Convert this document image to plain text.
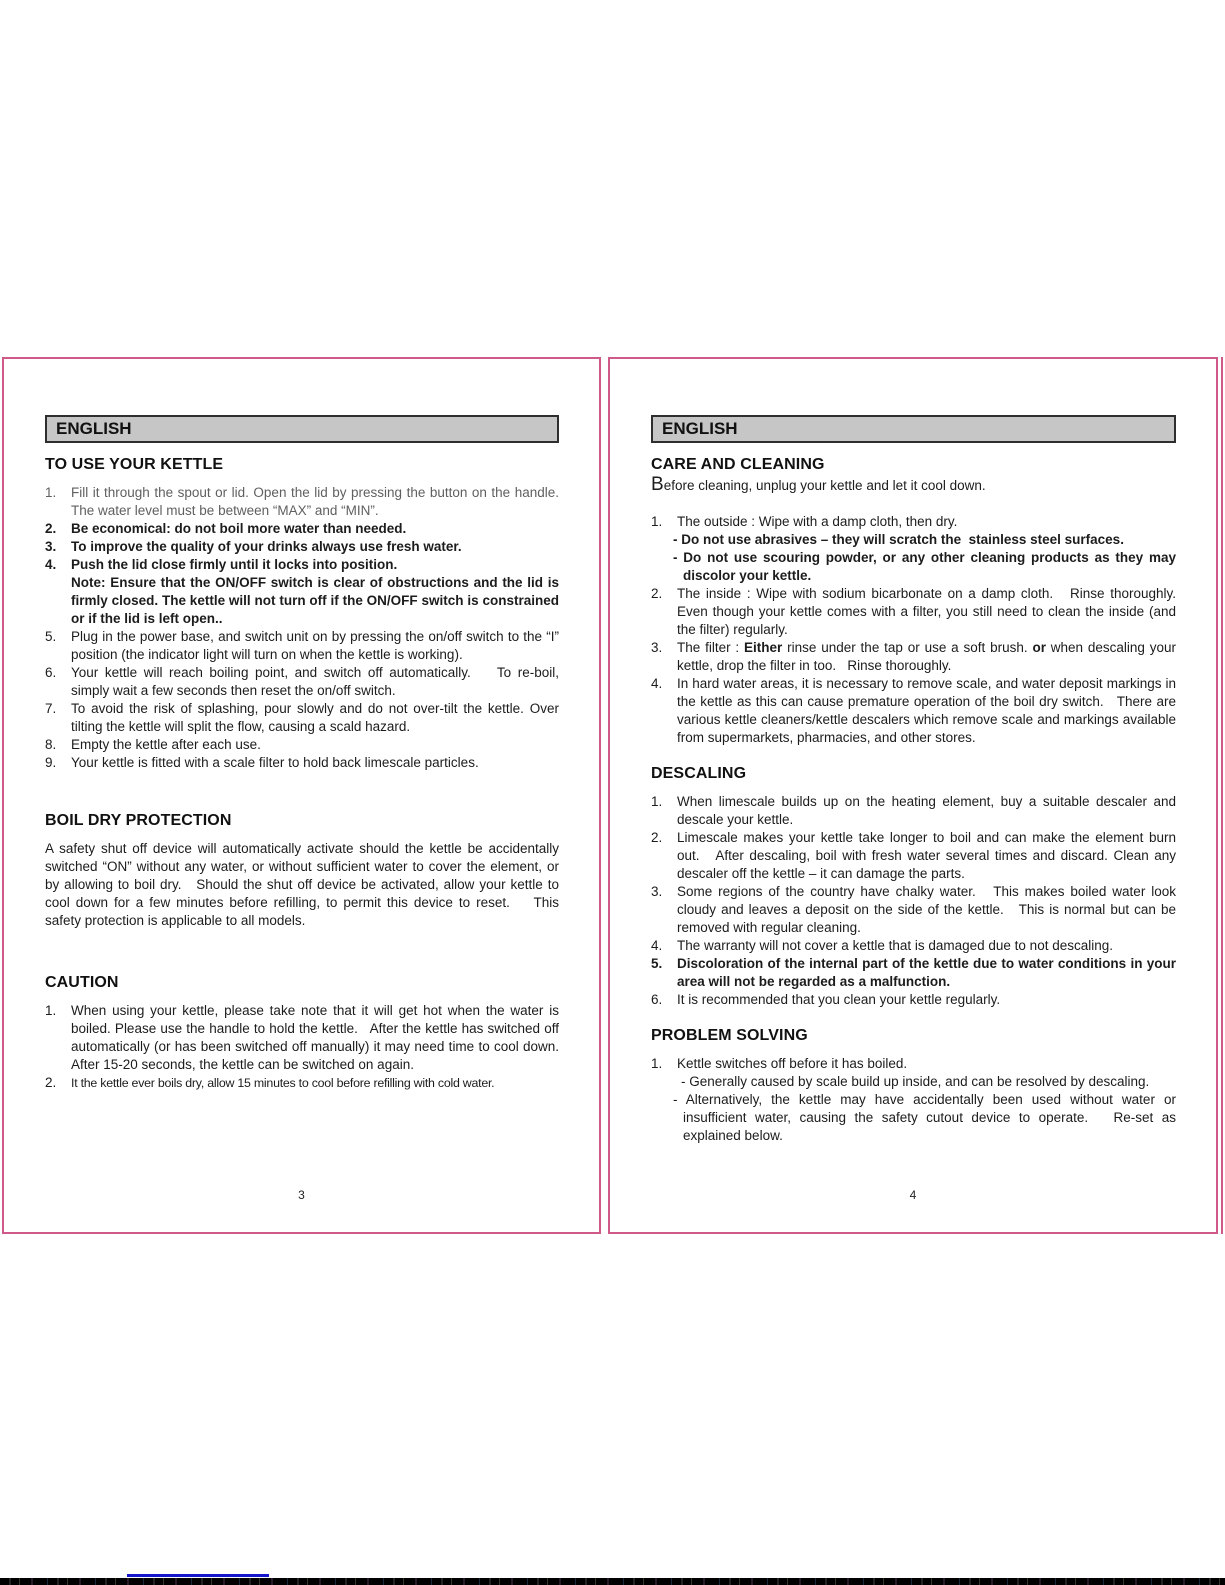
ENGLISH
TO USE YOUR KETTLE
1.	Fill it through the spout or lid. Open the lid by pressing the button on the handle. The water level must be between “MAX” and “MIN”.
2.	Be economical: do not boil more water than needed.
3.	To improve the quality of your drinks always use fresh water.
4.	Push the lid close firmly until it locks into position.
Note: Ensure that the ON/OFF switch is clear of obstructions and the lid is firmly closed. The kettle will not turn off if the ON/OFF switch is constrained or if the lid is left open..
5.	Plug in the power base, and switch unit on by pressing the on/off switch to the “I” position (the indicator light will turn on when the kettle is working).
6.	Your kettle will reach boiling point, and switch off automatically.    To re-boil, simply wait a few seconds then reset the on/off switch.
7.	To avoid the risk of splashing, pour slowly and do not over-tilt the kettle. Over tilting the kettle will split the flow, causing a scald hazard.
8.	Empty the kettle after each use.
9.	Your kettle is fitted with a scale filter to hold back limescale particles.
BOIL DRY PROTECTION
A safety shut off device will automatically activate should the kettle be accidentally switched “ON” without any water, or without sufficient water to cover the element, or by allowing to boil dry.   Should the shut off device be activated, allow your kettle to cool down for a few minutes before refilling, to permit this device to reset.    This safety protection is applicable to all models.
CAUTION
1.	When using your kettle, please take note that it will get hot when the water is boiled. Please use the handle to hold the kettle.   After the kettle has switched off automatically (or has been switched off manually) it may need time to cool down.   After 15-20 seconds, the kettle can be switched on again.
2.	It the kettle ever boils dry, allow 15 minutes to cool before refilling with cold water.
3
ENGLISH
CARE AND CLEANING
Before cleaning, unplug your kettle and let it cool down.
1.	The outside : Wipe with a damp cloth, then dry.
- Do not use abrasives – they will scratch the  stainless steel surfaces.
- Do not use scouring powder, or any other cleaning products as they may discolor your kettle.
2.	The inside : Wipe with sodium bicarbonate on a damp cloth.   Rinse thoroughly.   Even though your kettle comes with a filter, you still need to clean the inside (and the filter) regularly.
3.	The filter : Either rinse under the tap or use a soft brush. or when descaling your kettle, drop the filter in too.   Rinse thoroughly.
4.	In hard water areas, it is necessary to remove scale, and water deposit markings in the kettle as this can cause premature operation of the boil dry switch.   There are various kettle cleaners/kettle descalers which remove scale and markings available from supermarkets, pharmacies, and other stores.
DESCALING
1.	When limescale builds up on the heating element, buy a suitable descaler and descale your kettle.
2.	Limescale makes your kettle take longer to boil and can make the element burn out.   After descaling, boil with fresh water several times and discard. Clean any descaler off the kettle – it can damage the parts.
3.	Some regions of the country have chalky water.   This makes boiled water look cloudy and leaves a deposit on the side of the kettle.   This is normal but can be removed with regular cleaning.
4.	The warranty will not cover a kettle that is damaged due to not descaling.
5.	Discoloration of the internal part of the kettle due to water conditions in your area will not be regarded as a malfunction.
6.	It is recommended that you clean your kettle regularly.
PROBLEM SOLVING
1.	Kettle switches off before it has boiled.
- Generally caused by scale build up inside, and can be resolved by descaling.
- Alternatively, the kettle may have accidentally been used without water or insufficient water, causing the safety cutout device to operate.   Re-set as explained below.
4
